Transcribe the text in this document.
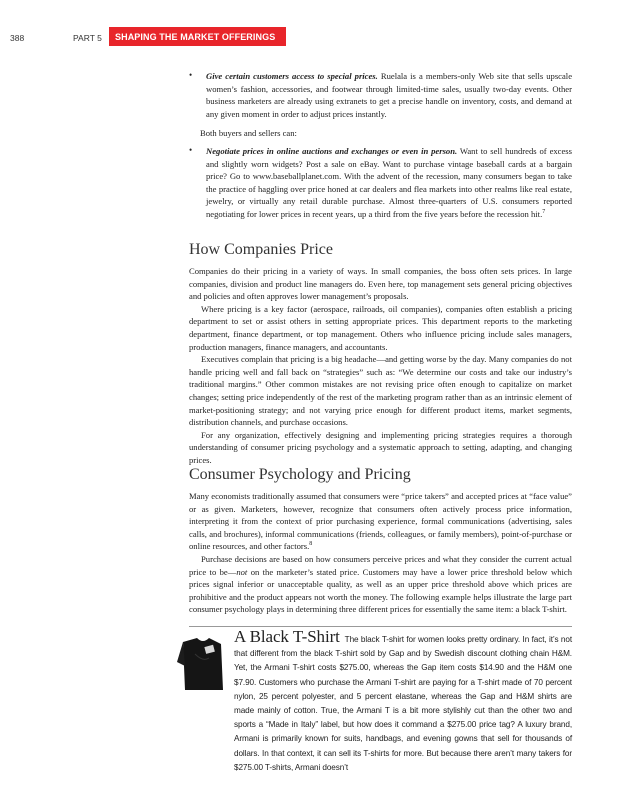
388	PART 5 SHAPING THE MARKET OFFERINGS
• Give certain customers access to special prices. Ruelala is a members-only Web site that sells upscale women’s fashion, accessories, and footwear through limited-time sales, usually two-day events. Other business marketers are already using extranets to get a precise handle on inventory, costs, and demand at any given moment in order to adjust prices instantly.

Both buyers and sellers can:

• Negotiate prices in online auctions and exchanges or even in person. Want to sell hundreds of excess and slightly worn widgets? Post a sale on eBay. Want to purchase vintage baseball cards at a bargain price? Go to www.baseballplanet.com. With the advent of the recession, many consumers began to take the practice of haggling over price honed at car dealers and flea markets into other realms like real estate, jewelry, or virtually any retail durable purchase. Almost three-quarters of U.S. consumers reported negotiating for lower prices in recent years, up a third from the five years before the recession hit.$^7$

How Companies Price

Companies do their pricing in a variety of ways. In small companies, the boss often sets prices. In large companies, division and product line managers do. Even here, top management sets general pricing objectives and policies and often approves lower management’s proposals.

Where pricing is a key factor (aerospace, railroads, oil companies), companies often establish a pricing department to set or assist others in setting appropriate prices. This department reports to the marketing department, finance department, or top management. Others who influence pricing include sales managers, production managers, finance managers, and accountants.

Executives complain that pricing is a big headache—and getting worse by the day. Many companies do not handle pricing well and fall back on “strategies” such as: “We determine our costs and take our industry’s traditional margins.” Other common mistakes are not revising price often enough to capitalize on market changes; setting price independently of the rest of the marketing program rather than as an intrinsic element of market-positioning strategy; and not varying price enough for different product items, market segments, distribution channels, and purchase occasions.

For any organization, effectively designing and implementing pricing strategies requires a thorough understanding of consumer pricing psychology and a systematic approach to setting, adapting, and changing prices.

Consumer Psychology and Pricing

Many economists traditionally assumed that consumers were “price takers” and accepted prices at “face value” or as given. Marketers, however, recognize that consumers often actively process price information, interpreting it from the context of prior purchasing experience, formal communications (advertising, sales calls, and brochures), informal communications (friends, colleagues, or family members), point-of-purchase or online resources, and other factors.$^8$

Purchase decisions are based on how consumers perceive prices and what they consider the current actual price to be—not on the marketer’s stated price. Customers may have a lower price threshold below which prices signal inferior or unacceptable quality, as well as an upper price threshold above which prices are prohibitive and the product appears not worth the money. The following example helps illustrate the large part consumer psychology plays in determining three different prices for essentially the same item: a black T-shirt.

A Black T-Shirt The black T-shirt for women looks pretty ordinary. In fact, it’s not that different from the black T-shirt sold by Gap and by Swedish discount clothing chain H&M. Yet, the Armani T-shirt costs $275.00, whereas the Gap item costs $14.90 and the H&M one $7.90. Customers who purchase the Armani T-shirt are paying for a T-shirt made of 70 percent nylon, 25 percent polyester, and 5 percent elastane, whereas the Gap and H&M shirts are made mainly of cotton. True, the Armani T is a bit more stylishly cut than the other two and sports a “Made in Italy” label, but how does it command a $275.00 price tag? A luxury brand, Armani is primarily known for suits, handbags, and evening gowns that sell for thousands of dollars. In that context, it can sell its T-shirts for more. But because there aren’t many takers for $275.00 T-shirts, Armani doesn’t
